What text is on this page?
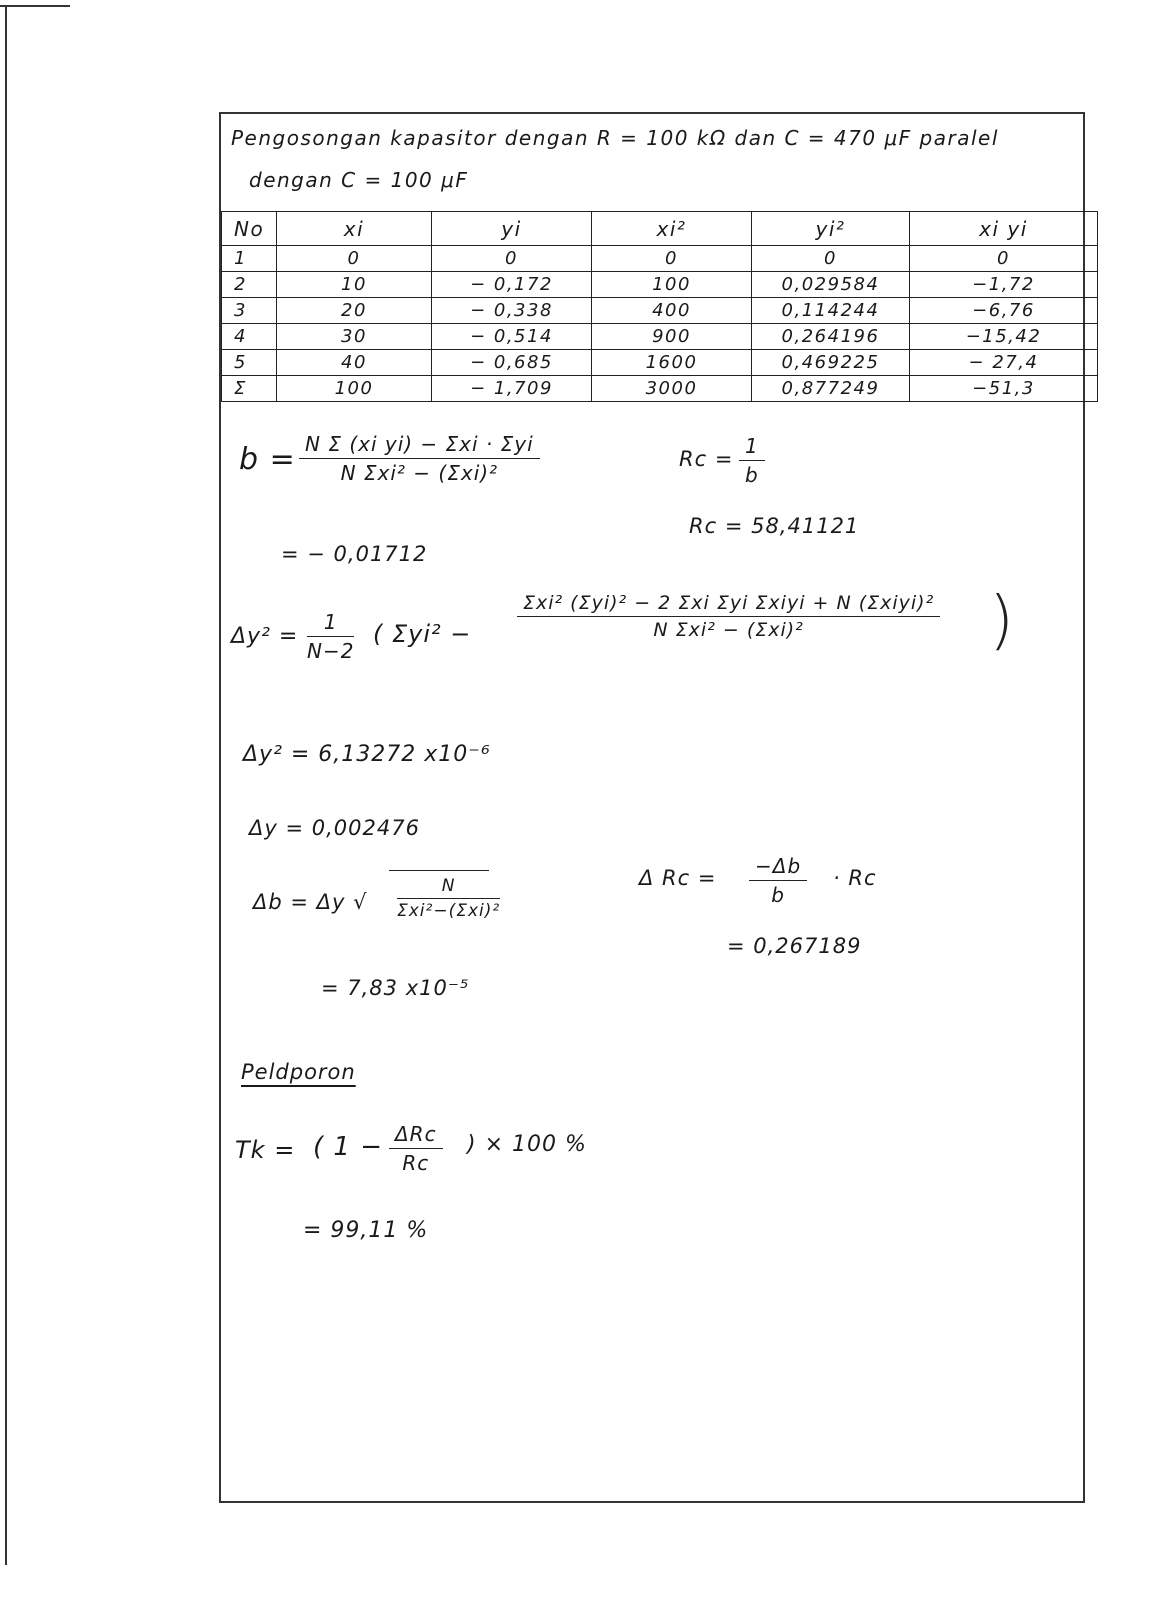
Pengosongan kapasitor dengan R = 100 kΩ dan C = 470 μF paralel
dengan C = 100 μF
No	xi	yi	xi²	yi²	xi yi
1	0	0	0	0	0
2	10	− 0,172	100	0,029584	−1,72
3	20	− 0,338	400	0,114244	−6,76
4	30	− 0,514	900	0,264196	−15,42
5	40	− 0,685	1600	0,469225	− 27,4
Σ	100	− 1,709	3000	0,877249	−51,3
b = N Σ (xi yi) − Σxi · Σyi
N Σxi² − (Σxi)²
= − 0,01712
$Rc = \frac{1}{b}$
Rc = 58,41121
$\Delta y^2 = \frac{1}{N-2}$ ( Σyi² −
Σxi² (Σyi)² − 2 Σxi Σyi Σxiyi + N (Σxiyi)²
N Σxi² − (Σxi)²	)
Δy² = 6,13272 x10⁻⁶
Δy = 0,002476
Δb = Δy √
N
Σxi²−(Σxi)²
= 7,83 x10⁻⁵
Δ $Rc = \frac{-\Delta b}{b} \cdot Rc$
= 0,267189
Peldporon
Tk = ( 1 − ΔRc
Rc
) × 100 %
= 99,11 %
